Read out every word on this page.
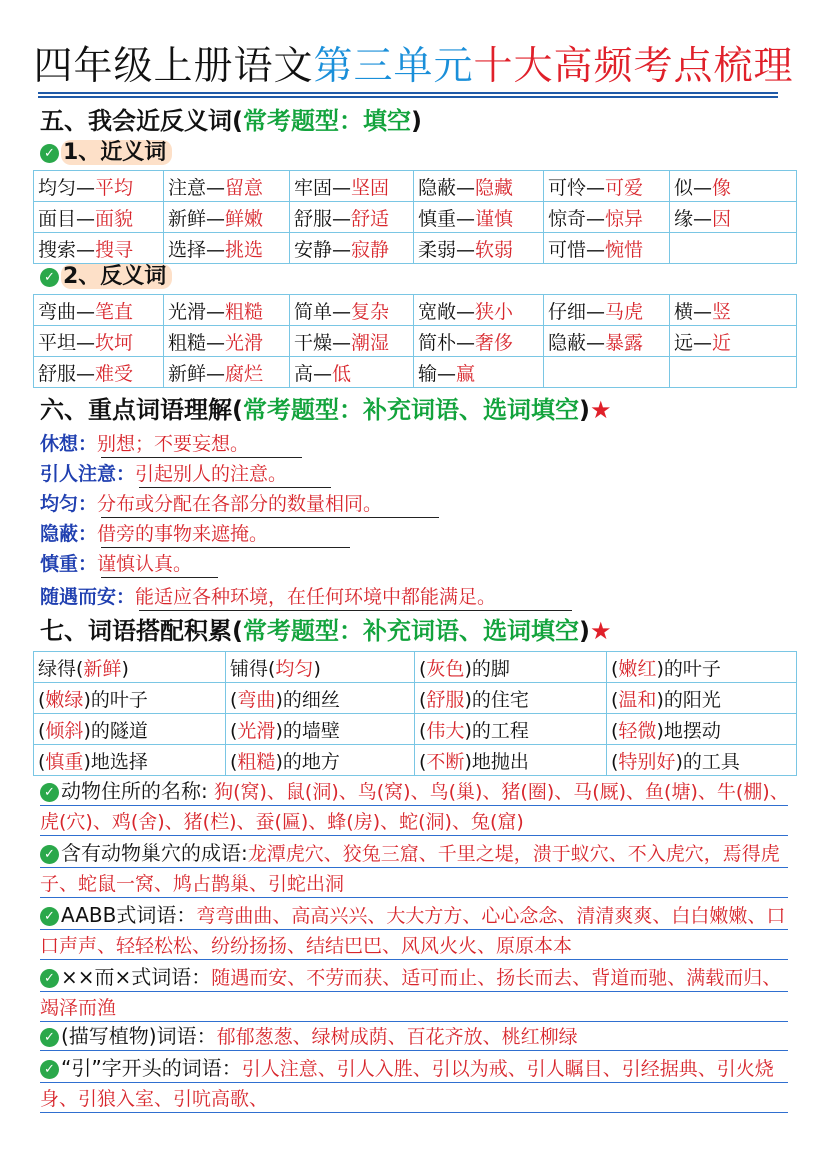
四年级上册语文第三单元十大高频考点梳理
五、我会近反义词(常考题型：填空)
✓ 1、近义词
均匀—平均	注意—留意	牢固—坚固	隐蔽—隐藏	可怜—可爱	似—像
面目—面貌	新鲜—鲜嫩	舒服—舒适	慎重—谨慎	惊奇—惊异	缘—因
搜索—搜寻	选择—挑选	安静—寂静	柔弱—软弱	可惜—惋惜	
✓ 2、反义词
弯曲—笔直	光滑—粗糙	简单—复杂	宽敞—狭小	仔细—马虎	横—竖
平坦—坎坷	粗糙—光滑	干燥—潮湿	简朴—奢侈	隐蔽—暴露	远—近
舒服—难受	新鲜—腐烂	高—低	输—赢		
六、重点词语理解(常考题型：补充词语、选词填空)★
休想：别想；不要妄想。
引人注意：引起别人的注意。
均匀：分布或分配在各部分的数量相同。
隐蔽：借旁的事物来遮掩。
慎重：谨慎认真。
随遇而安：能适应各种环境，在任何环境中都能满足。
七、词语搭配积累(常考题型：补充词语、选词填空)★
绿得(新鲜)	铺得(均匀)	(灰色)的脚	(嫩红)的叶子
(嫩绿)的叶子	(弯曲)的细丝	(舒服)的住宅	(温和)的阳光
(倾斜)的隧道	(光滑)的墙壁	(伟大)的工程	(轻微)地摆动
(慎重)地选择	(粗糙)的地方	(不断)地抛出	(特别好)的工具
✓ 动物住所的名称: 狗(窝)、鼠(洞)、鸟(窝)、鸟(巢)、猪(圈)、马(厩)、鱼(塘)、牛(棚)、虎(穴)、鸡(舍)、猪(栏)、蚕(匾)、蜂(房)、蛇(洞)、兔(窟)
✓ 含有动物巢穴的成语:龙潭虎穴、狡兔三窟、千里之堤，溃于蚁穴、不入虎穴，焉得虎子、蛇鼠一窝、鸠占鹊巢、引蛇出洞
✓ AABB式词语：弯弯曲曲、高高兴兴、大大方方、心心念念、清清爽爽、白白嫩嫩、口口声声、轻轻松松、纷纷扬扬、结结巴巴、风风火火、原原本本
✓ ××而×式词语：随遇而安、不劳而获、适可而止、扬长而去、背道而驰、满载而归、竭泽而渔
✓ (描写植物)词语：郁郁葱葱、绿树成荫、百花齐放、桃红柳绿
✓ “引”字开头的词语：引人注意、引人入胜、引以为戒、引人瞩目、引经据典、引火烧身、引狼入室、引吭高歌、
